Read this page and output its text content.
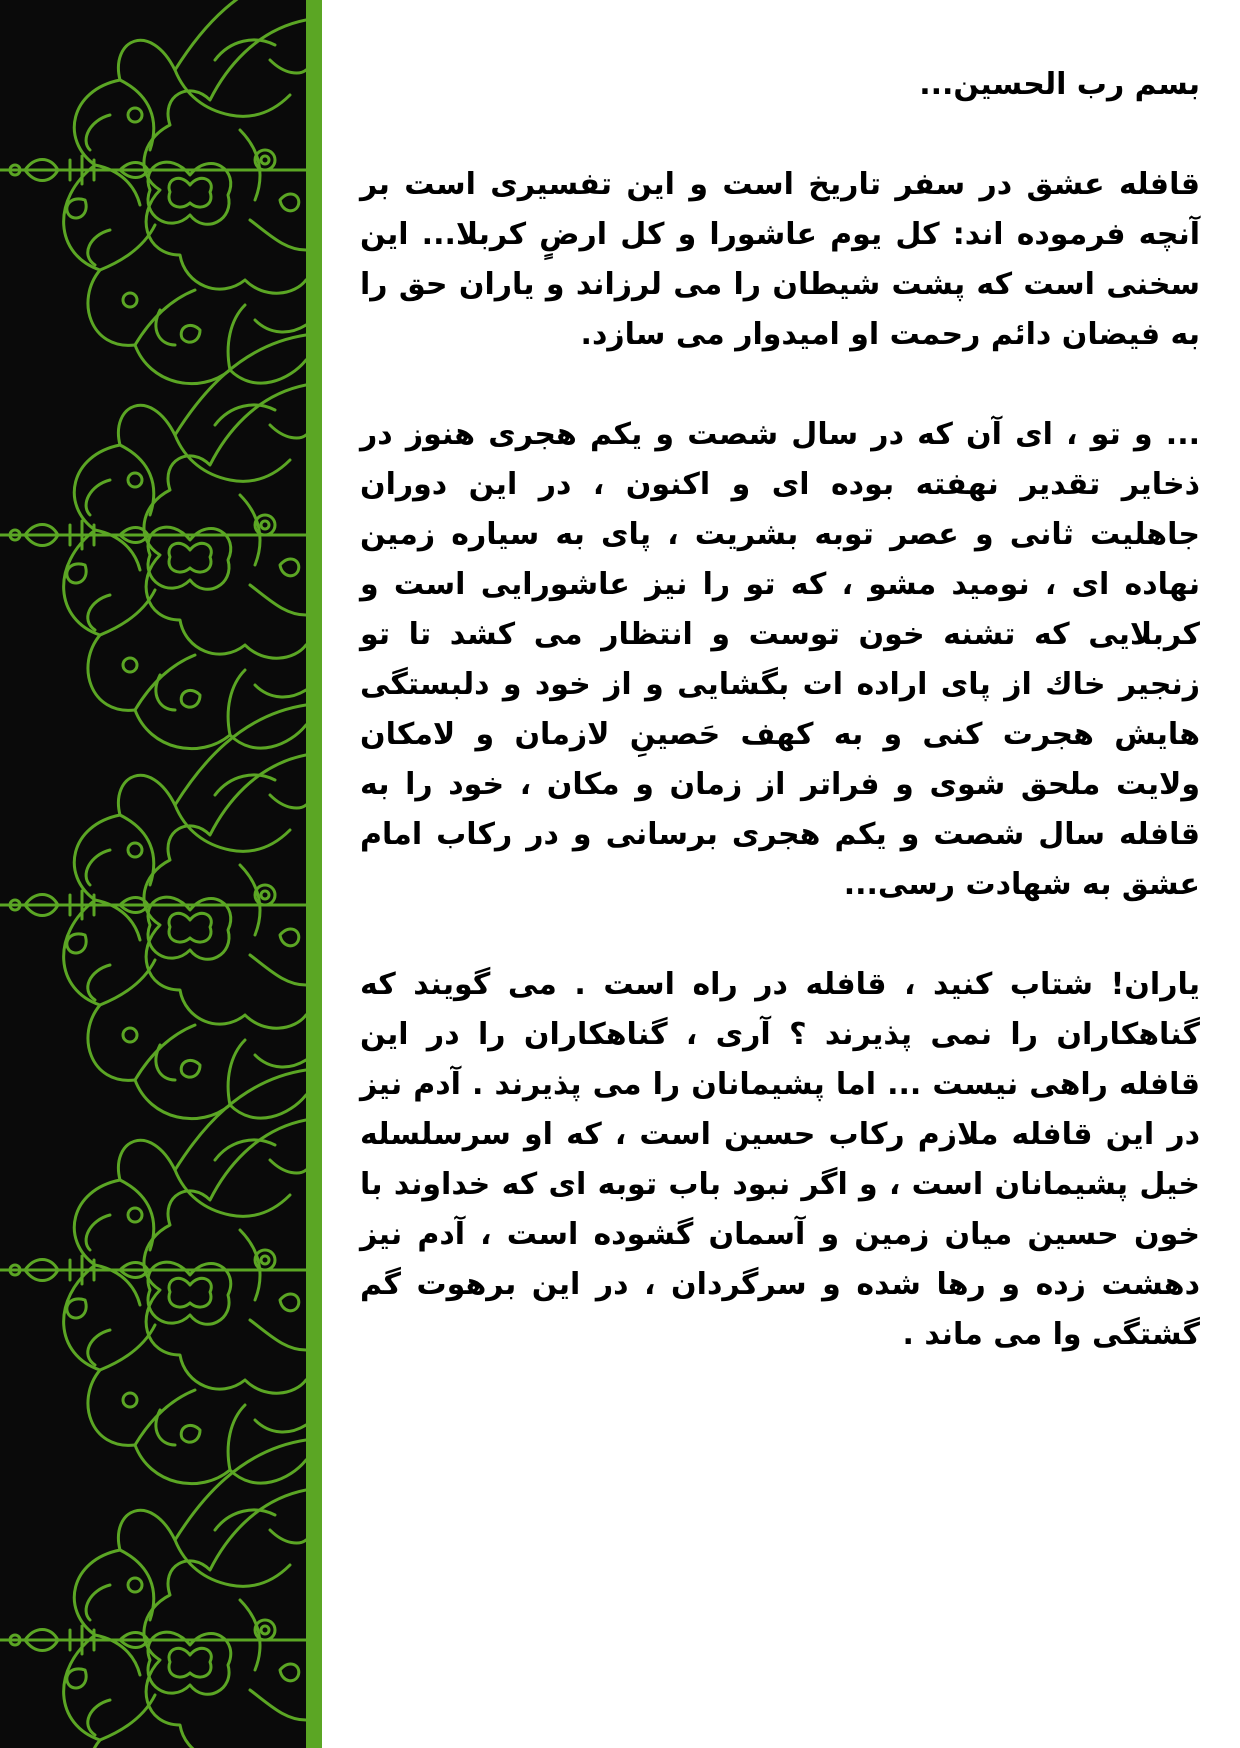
بسم رب الحسین...

قافله عشق در سفر تاریخ است و این تفسیری است بر آنچه فرموده اند: کل یوم عاشورا و کل ارضٍ کربلا... این سخنی است که پشت شیطان را می لرزاند و یاران حق را به فیضان دائم رحمت او امیدوار می سازد.

... و تو ، ای آن که در سال شصت و یکم هجری هنوز در ذخایر تقدیر نهفته بوده ای و اکنون ، در این دوران جاهلیت ثانی و عصر توبه بشریت ، پای به سیاره زمین نهاده ای ، نومید مشو ، که تو را نیز عاشورایی است و کربلایی که تشنه خون توست و انتظار می کشد تا تو زنجیر خاك از پای اراده ات بگشایی و از خود و دلبستگی هایش هجرت کنی و به کهف حَصینِ لازمان و لامکان ولایت ملحق شوی و فراتر از زمان و مکان ، خود را به قافله سال شصت و یکم هجری برسانی و در رکاب امام عشق به شهادت رسی...

یاران! شتاب کنید ، قافله در راه است . می گویند که گناهکاران را نمی پذیرند ؟ آری ، گناهکاران را در این قافله راهی نیست ... اما پشیمانان را می پذیرند . آدم نیز در این قافله ملازم رکاب حسین است ، که او سرسلسله خیل پشیمانان است ، و اگر نبود باب توبه ای که خداوند با خون حسین میان زمین و آسمان گشوده است ، آدم نیز دهشت زده و رها شده و سرگردان ، در این برهوت گم گشتگی وا می ماند .
